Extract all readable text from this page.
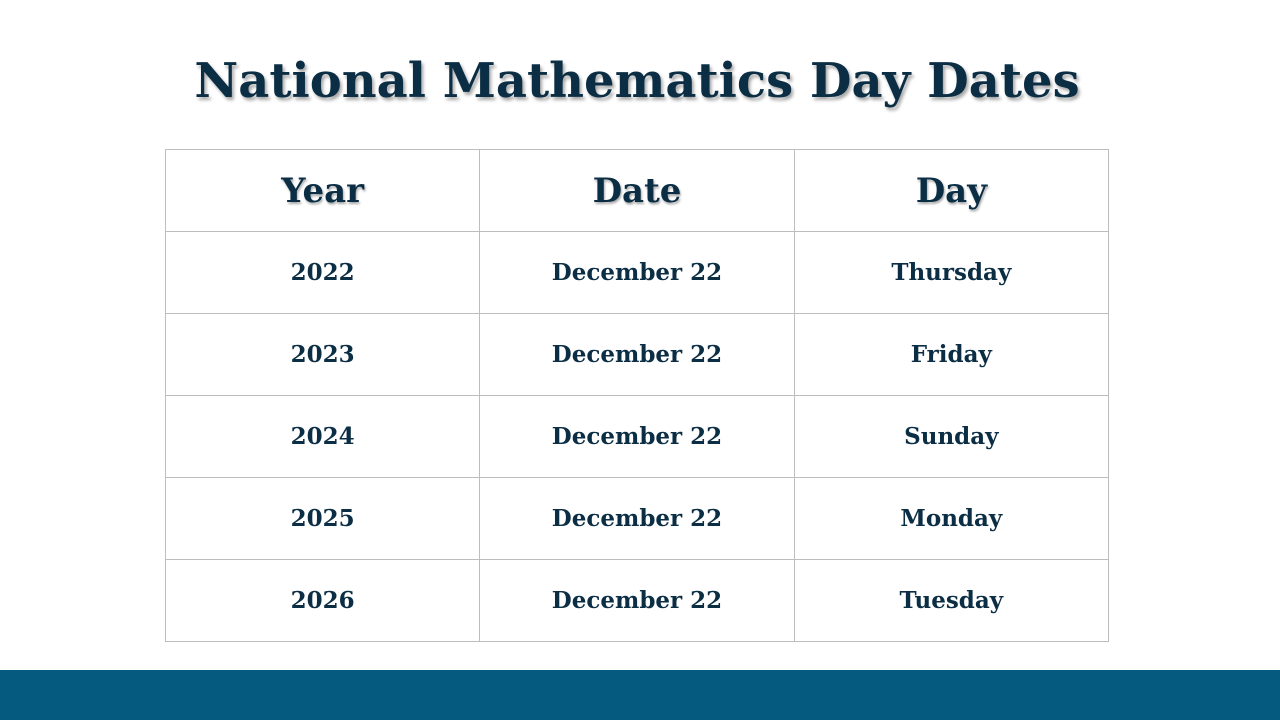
National Mathematics Day Dates
Year	Date	Day
2022	December 22	Thursday
2023	December 22	Friday
2024	December 22	Sunday
2025	December 22	Monday
2026	December 22	Tuesday
